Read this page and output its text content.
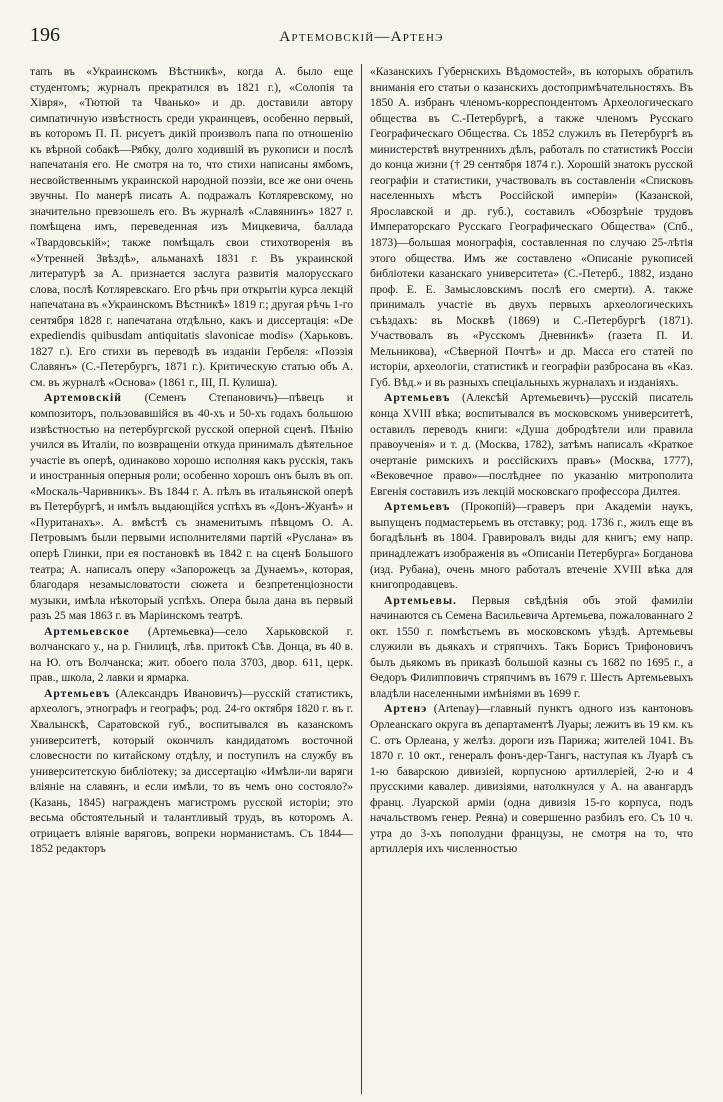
196	Артемовскій—Артенэ

тапъ въ «Украинскомъ Вѣстникѣ», когда А. было еще студентомъ; журналъ прекратился въ 1821 г.), «Солопія та Хівря», «Тютюй та Чванько» и др. доставили автору симпатичную извѣстность среди украинцевъ, особенно первый, въ которомъ П. П. рисуетъ дикій произволъ папа по отношенію къ вѣрной собакѣ—Рябку, долго ходившій въ рукописи и послѣ напечатанія его. Не смотря на то, что стихи написаны ямбомъ, несвойственнымъ украинской народной поэзіи, все же они очень звучны. По манерѣ писать А. подражалъ Котляревскому, но значительно превзошелъ его. Въ журналѣ «Славянинъ» 1827 г. помѣщена имъ, переведенная изъ Мицкевича, баллада «Твардовській»; также помѣщалъ свои стихотворенія въ «Утренней Звѣздѣ», альманахѣ 1831 г. Въ украинской литературѣ за А. признается заслуга развитія малорусскаго слова, послѣ Котляревскаго. Его рѣчь при открытіи курса лекцій напечатана въ «Украинскомъ Вѣстникѣ» 1819 г.; другая рѣчь 1-го сентября 1828 г. напечатана отдѣльно, какъ и диссертація: «De expediendis quibusdam antiquitatis slavonicae modis» (Харьковъ. 1827 г.). Его стихи въ переводѣ въ изданіи Гербеля: «Поэзія Славянъ» (С.-Петербургъ, 1871 г.). Критическую статью объ А. см. въ журналѣ «Основа» (1861 г., III, П. Кулиша).

Артемовскій (Семенъ Степановичъ)—пѣвецъ и композиторъ, пользовавшійся въ 40-хъ и 50-хъ годахъ большою извѣстностью на петербургской русской оперной сценѣ. Пѣнію учился въ Италіи, по возвращеніи откуда принималъ дѣятельное участіе въ оперѣ, одинаково хорошо исполняя какъ русскія, такъ и иностранныя оперныя роли; особенно хорошъ онъ былъ въ оп. «Москаль-Чаривникъ». Въ 1844 г. А. пѣлъ въ итальянской оперѣ въ Петербургѣ, и имѣлъ выдающійся успѣхъ въ «Донъ-Жуанѣ» и «Пуританахъ». А. вмѣстѣ съ знаменитымъ пѣвцомъ О. А. Петровымъ были первыми исполнителями партій «Руслана» въ оперѣ Глинки, при ея постановкѣ въ 1842 г. на сценѣ Большого театра; А. написалъ оперу «Запорожецъ за Дунаемъ», которая, благодаря незамысловатости сюжета и безпретенціозности музыки, имѣла нѣкоторый успѣхъ. Опера была дана въ первый разъ 25 мая 1863 г. въ Маріинскомъ театрѣ.

Артемьевское (Артемьевка)—село Харьковской г. волчанскаго у., на р. Гнилицѣ, лѣв. притокѣ Сѣв. Донца, въ 40 в. на Ю. отъ Волчанска; жит. обоего пола 3703, двор. 611, церк. прав., школа, 2 лавки и ярмарка.

Артемьевъ (Александръ Ивановичъ)—русскій статистикъ, археологъ, этнографъ и географъ; род. 24-го октября 1820 г. въ г. Хвалынскѣ, Саратовской губ., воспитывался въ казанскомъ университетѣ, который окончилъ кандидатомъ восточной словесности по китайскому отдѣлу, и поступилъ на службу въ университетскую библіотеку; за диссертацію «Имѣли-ли варяги вліяніе на славянъ, и если имѣли, то въ чемъ оно состояло?» (Казань, 1845) награжденъ магистромъ русской исторіи; это весьма обстоятельный и талантливый трудъ, въ которомъ А. отрицаетъ вліяніе варяговъ, вопреки норманистамъ. Съ 1844—1852 редакторъ

«Казанскихъ Губернскихъ Вѣдомостей», въ которыхъ обратилъ вниманія его статьи о казанскихъ достопримѣчательностяхъ. Въ 1850 А. избранъ членомъ-корреспондентомъ Археологическаго общества въ С.-Петербургѣ, а также членомъ Русскаго Географическаго Общества. Съ 1852 служилъ въ Петербургѣ въ министерствѣ внутреннихъ дѣлъ, работалъ по статистикѣ Россіи до конца жизни († 29 сентября 1874 г.). Хорошій знатокъ русской географіи и статистики, участвовалъ въ составленіи «Списковъ населенныхъ мѣстъ Россійской имперіи» (Казанской, Ярославской и др. губ.), составилъ «Обозрѣніе трудовъ Императорскаго Русскаго Географическаго Общества» (Спб., 1873)—большая монографія, составленная по случаю 25-лѣтія этого общества. Имъ же составлено «Описаніе рукописей библіотеки казанскаго университета» (С.-Петерб., 1882, издано проф. Е. Е. Замысловскимъ послѣ его смерти). А. также принималъ участіе въ двухъ первыхъ археологическихъ съѣздахъ: въ Москвѣ (1869) и С.-Петербургѣ (1871). Участвовалъ въ «Русскомъ Дневникѣ» (газета П. И. Мельникова), «Сѣверной Почтѣ» и др. Масса его статей по исторіи, археологіи, статистикѣ и географіи разбросана въ «Каз. Губ. Вѣд.» и въ разныхъ спеціальныхъ журналахъ и изданіяхъ.

Артемьевъ (Алексѣй Артемьевичъ)—русскій писатель конца XVIII вѣка; воспитывался въ московскомъ университетѣ, оставилъ переводъ книги: «Душа добродѣтели или правила правоученія» и т. д. (Москва, 1782), затѣмъ написалъ «Краткое очертаніе римскихъ и россійскихъ правъ» (Москва, 1777), «Вековечное право»—послѣднее по указанію митрополита Евгенія составилъ изъ лекцій московскаго профессора Дилтея.

Артемьевъ (Прокопій)—граверъ при Академіи наукъ, выпущенъ подмастерьемъ въ отставку; род. 1736 г., жилъ еще въ богадѣльнѣ въ 1804. Гравировалъ виды для книгъ; ему напр. принадлежатъ изображенія въ «Описаніи Петербурга» Богданова (изд. Рубана), очень много работалъ втеченіе XVIII вѣка для книгопродавцевъ.

Артемьевы. Первыя свѣдѣнія объ этой фамиліи начинаются съ Семена Васильевича Артемьева, пожалованнаго 2 окт. 1550 г. помѣстьемъ въ московскомъ уѣздѣ. Артемьевы служили въ дьякахъ и стряпчихъ. Такъ Борисъ Трифоновичъ былъ дьякомъ въ приказѣ большой казны съ 1682 по 1695 г., а Ѳедоръ Филипповичъ стряпчимъ въ 1679 г. Шесть Артемьевыхъ владѣли населенными имѣніями въ 1699 г.

Артенэ (Artenay)—главный пунктъ одного изъ кантоновъ Орлеанскаго округа въ департаментѣ Луары; лежитъ въ 19 км. къ С. отъ Орлеана, у желѣз. дороги изъ Парижа; жителей 1041. Въ 1870 г. 10 окт., генералъ фонъ-дер-Тангъ, наступая къ Луарѣ съ 1-ю баварскою дивизіей, корпусною артиллеріей, 2-ю и 4 прусскими кавалер. дивизіями, натолкнулся у А. на авангардъ франц. Луарской арміи (одна дивизія 15-го корпуса, подъ начальствомъ генер. Реяна) и совершенно разбилъ его. Съ 10 ч. утра до 3-хъ пополудни французы, не смотря на то, что артиллерія ихъ численностью
